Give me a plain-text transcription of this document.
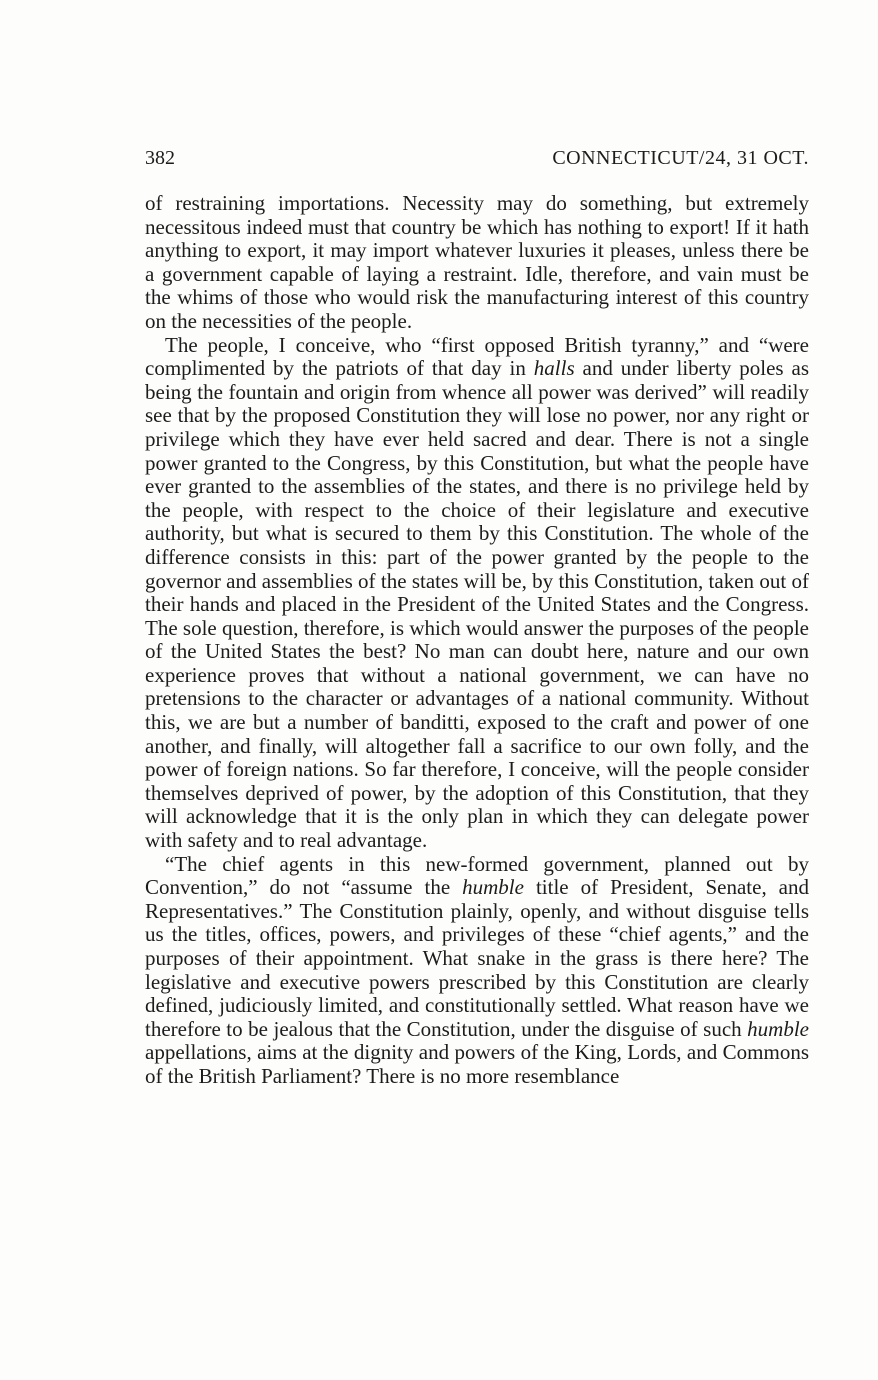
382	CONNECTICUT/24, 31 OCT.

of restraining importations. Necessity may do something, but extremely necessitous indeed must that country be which has nothing to export! If it hath anything to export, it may import whatever luxuries it pleases, unless there be a government capable of laying a restraint. Idle, therefore, and vain must be the whims of those who would risk the manufacturing interest of this country on the necessities of the people.

The people, I conceive, who “first opposed British tyranny,” and “were complimented by the patriots of that day in halls and under liberty poles as being the fountain and origin from whence all power was derived” will readily see that by the proposed Constitution they will lose no power, nor any right or privilege which they have ever held sacred and dear. There is not a single power granted to the Congress, by this Constitution, but what the people have ever granted to the assemblies of the states, and there is no privilege held by the people, with respect to the choice of their legislature and executive authority, but what is secured to them by this Constitution. The whole of the difference consists in this: part of the power granted by the people to the governor and assemblies of the states will be, by this Constitution, taken out of their hands and placed in the President of the United States and the Congress. The sole question, therefore, is which would answer the purposes of the people of the United States the best? No man can doubt here, nature and our own experience proves that without a national government, we can have no pretensions to the character or advantages of a national community. Without this, we are but a number of banditti, exposed to the craft and power of one another, and finally, will altogether fall a sacrifice to our own folly, and the power of foreign nations. So far therefore, I conceive, will the people consider themselves deprived of power, by the adoption of this Constitution, that they will acknowledge that it is the only plan in which they can delegate power with safety and to real advantage.

“The chief agents in this new-formed government, planned out by Convention,” do not “assume the humble title of President, Senate, and Representatives.” The Constitution plainly, openly, and without disguise tells us the titles, offices, powers, and privileges of these “chief agents,” and the purposes of their appointment. What snake in the grass is there here? The legislative and executive powers prescribed by this Constitution are clearly defined, judiciously limited, and constitutionally settled. What reason have we therefore to be jealous that the Constitution, under the disguise of such humble appellations, aims at the dignity and powers of the King, Lords, and Commons of the British Parliament? There is no more resemblance
